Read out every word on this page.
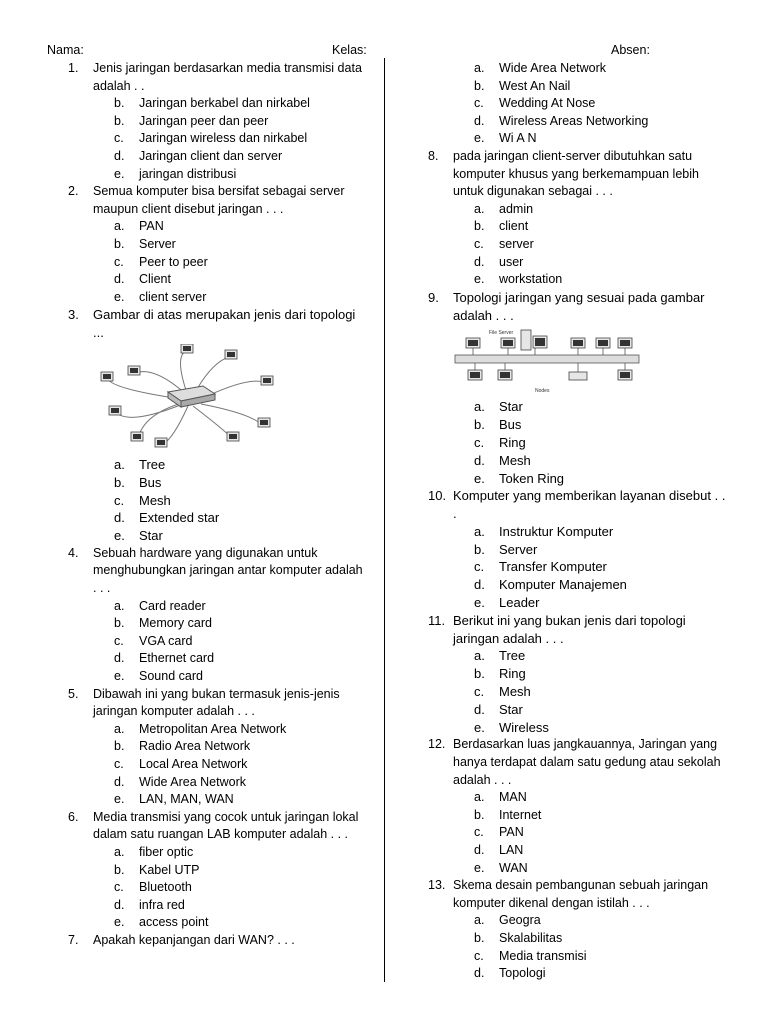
Nama:	Kelas:	Absen:
1. Jenis jaringan berdasarkan media transmisi data adalah . .
b. Jaringan berkabel dan nirkabel
b. Jaringan peer dan peer
c. Jaringan wireless dan nirkabel
d. Jaringan client dan server
e. jaringan distribusi
2. Semua komputer bisa bersifat sebagai server maupun client disebut jaringan . . .
a. PAN
b. Server
c. Peer to peer
d. Client
e. client server
3. Gambar di atas merupakan jenis dari topologi ...
a. Tree
b. Bus
c. Mesh
d. Extended star
e. Star
4. Sebuah hardware yang digunakan untuk menghubungkan jaringan antar komputer adalah . . .
a. Card reader
b. Memory card
c. VGA card
d. Ethernet card
e. Sound card
5. Dibawah ini yang bukan termasuk jenis-jenis jaringan komputer adalah . . .
a. Metropolitan Area Network
b. Radio Area Network
c. Local Area Network
d. Wide Area Network
e. LAN, MAN, WAN
6. Media transmisi yang cocok untuk jaringan lokal dalam satu ruangan LAB komputer adalah . . .
a. fiber optic
b. Kabel UTP
c. Bluetooth
d. infra red
e. access point
7. Apakah kepanjangan dari WAN? . . .
a. Wide Area Network
b. West An Nail
c. Wedding At Nose
d. Wireless Areas Networking
e. Wi A N
8. pada jaringan client-server dibutuhkan satu komputer khusus yang berkemampuan lebih untuk digunakan sebagai . . .
a. admin
b. client
c. server
d. user
e. workstation
9. Topologi jaringan yang sesuai pada gambar adalah . . .
File Server
Nodes
a. Star
b. Bus
c. Ring
d. Mesh
e. Token Ring
10. Komputer yang memberikan layanan disebut . . .
a. Instruktur Komputer
b. Server
c. Transfer Komputer
d. Komputer Manajemen
e. Leader
11. Berikut ini yang bukan jenis dari topologi jaringan adalah . . .
a. Tree
b. Ring
c. Mesh
d. Star
e. Wireless
12. Berdasarkan luas jangkauannya, Jaringan yang hanya terdapat dalam satu gedung atau sekolah adalah . . .
a. MAN
b. Internet
c. PAN
d. LAN
e. WAN
13. Skema desain pembangunan sebuah jaringan komputer dikenal dengan istilah . . .
a. Geogra
b. Skalabilitas
c. Media transmisi
d. Topologi
